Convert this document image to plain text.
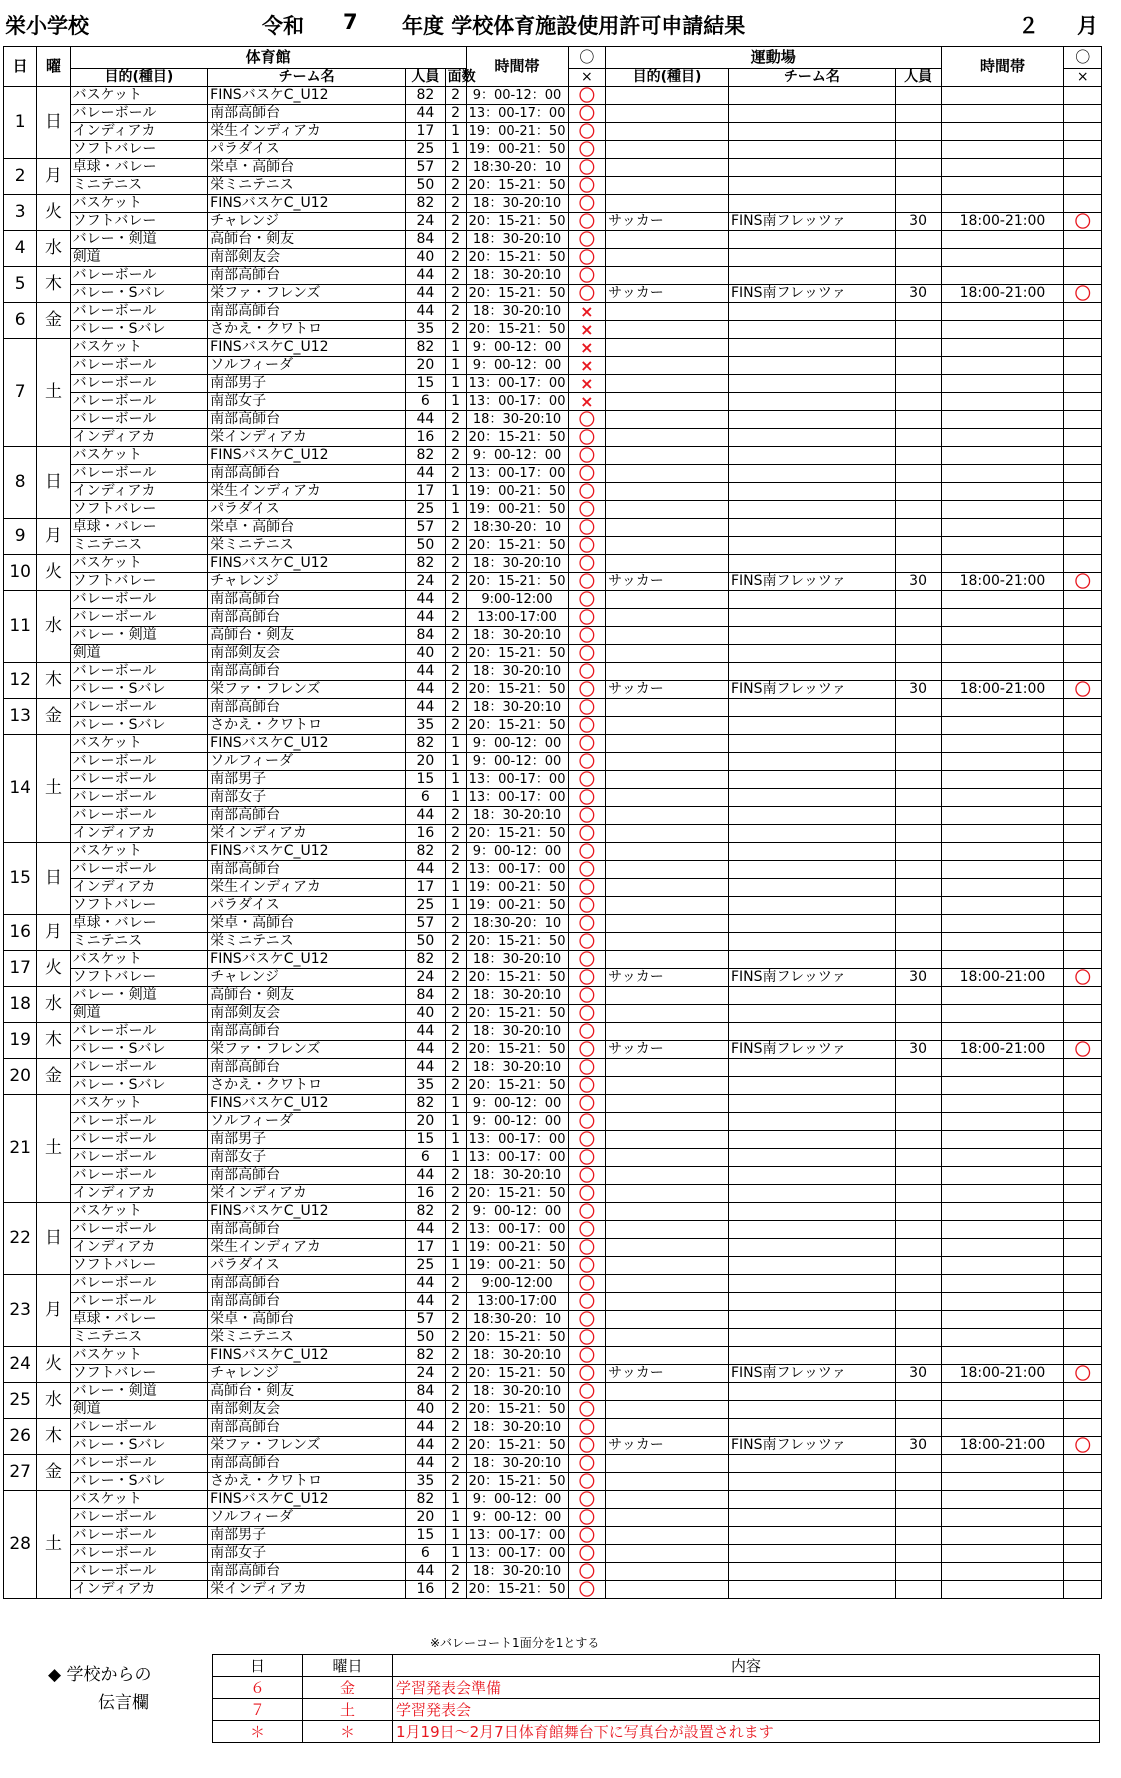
栄小学校	令和 7 年度 学校体育施設使用許可申請結果	２ 月
日	曜	体育館				時間帯	〇	運動場			時間帯	〇
		目的(種目)	チーム名	人員	面数		×	目的(種目)	チーム名	人員		×
1	日	バスケット	FINSバスケC_U12	82	2	9：00-12：00	〇					
		バレーボール	南部高師台	44	2	13：00-17：00	〇					
		インディアカ	栄生インディアカ	17	1	19：00-21：50	〇					
		ソフトバレー	パラダイス	25	1	19：00-21：50	〇					
2	月	卓球・バレー	栄卓・高師台	57	2	18:30-20：10	〇					
		ミニテニス	栄ミニテニス	50	2	20：15-21：50	〇					
3	火	バスケット	FINSバスケC_U12	82	2	18：30-20:10	〇					
		ソフトバレー	チャレンジ	24	2	20：15-21：50	〇	サッカー	FINS南フレッツァ	30	18:00-21:00	〇
4	水	バレー・剣道	高師台・剣友	84	2	18：30-20:10	〇					
		剣道	南部剣友会	40	2	20：15-21：50	〇					
5	木	バレーボール	南部高師台	44	2	18：30-20:10	〇					
		バレー・Sバレ	栄ファ・フレンズ	44	2	20：15-21：50	〇	サッカー	FINS南フレッツァ	30	18:00-21:00	〇
6	金	バレーボール	南部高師台	44	2	18：30-20:10	×					
		バレー・Sバレ	さかえ・クワトロ	35	2	20：15-21：50	×					
7	土	バスケット	FINSバスケC_U12	82	1	9：00-12：00	×					
		バレーボール	ソルフィーダ	20	1	9：00-12：00	×					
		バレーボール	南部男子	15	1	13：00-17：00	×					
		バレーボール	南部女子	6	1	13：00-17：00	×					
		バレーボール	南部高師台	44	2	18：30-20:10	〇					
		インディアカ	栄インディアカ	16	2	20：15-21：50	〇					
8	日	バスケット	FINSバスケC_U12	82	2	9：00-12：00	〇					
		バレーボール	南部高師台	44	2	13：00-17：00	〇					
		インディアカ	栄生インディアカ	17	1	19：00-21：50	〇					
		ソフトバレー	パラダイス	25	1	19：00-21：50	〇					
9	月	卓球・バレー	栄卓・高師台	57	2	18:30-20：10	〇					
		ミニテニス	栄ミニテニス	50	2	20：15-21：50	〇					
10	火	バスケット	FINSバスケC_U12	82	2	18：30-20:10	〇					
		ソフトバレー	チャレンジ	24	2	20：15-21：50	〇	サッカー	FINS南フレッツァ	30	18:00-21:00	〇
11	水	バレーボール	南部高師台	44	2	9:00-12:00	〇					
		バレーボール	南部高師台	44	2	13:00-17:00	〇					
		バレー・剣道	高師台・剣友	84	2	18：30-20:10	〇					
		剣道	南部剣友会	40	2	20：15-21：50	〇					
12	木	バレーボール	南部高師台	44	2	18：30-20:10	〇					
		バレー・Sバレ	栄ファ・フレンズ	44	2	20：15-21：50	〇	サッカー	FINS南フレッツァ	30	18:00-21:00	〇
13	金	バレーボール	南部高師台	44	2	18：30-20:10	〇					
		バレー・Sバレ	さかえ・クワトロ	35	2	20：15-21：50	〇					
14	土	バスケット	FINSバスケC_U12	82	1	9：00-12：00	〇					
		バレーボール	ソルフィーダ	20	1	9：00-12：00	〇					
		バレーボール	南部男子	15	1	13：00-17：00	〇					
		バレーボール	南部女子	6	1	13：00-17：00	〇					
		バレーボール	南部高師台	44	2	18：30-20:10	〇					
		インディアカ	栄インディアカ	16	2	20：15-21：50	〇					
15	日	バスケット	FINSバスケC_U12	82	2	9：00-12：00	〇					
		バレーボール	南部高師台	44	2	13：00-17：00	〇					
		インディアカ	栄生インディアカ	17	1	19：00-21：50	〇					
		ソフトバレー	パラダイス	25	1	19：00-21：50	〇					
16	月	卓球・バレー	栄卓・高師台	57	2	18:30-20：10	〇					
		ミニテニス	栄ミニテニス	50	2	20：15-21：50	〇					
17	火	バスケット	FINSバスケC_U12	82	2	18：30-20:10	〇					
		ソフトバレー	チャレンジ	24	2	20：15-21：50	〇	サッカー	FINS南フレッツァ	30	18:00-21:00	〇
18	水	バレー・剣道	高師台・剣友	84	2	18：30-20:10	〇					
		剣道	南部剣友会	40	2	20：15-21：50	〇					
19	木	バレーボール	南部高師台	44	2	18：30-20:10	〇					
		バレー・Sバレ	栄ファ・フレンズ	44	2	20：15-21：50	〇	サッカー	FINS南フレッツァ	30	18:00-21:00	〇
20	金	バレーボール	南部高師台	44	2	18：30-20:10	〇					
		バレー・Sバレ	さかえ・クワトロ	35	2	20：15-21：50	〇					
21	土	バスケット	FINSバスケC_U12	82	1	9：00-12：00	〇					
		バレーボール	ソルフィーダ	20	1	9：00-12：00	〇					
		バレーボール	南部男子	15	1	13：00-17：00	〇					
		バレーボール	南部女子	6	1	13：00-17：00	〇					
		バレーボール	南部高師台	44	2	18：30-20:10	〇					
		インディアカ	栄インディアカ	16	2	20：15-21：50	〇					
22	日	バスケット	FINSバスケC_U12	82	2	9：00-12：00	〇					
		バレーボール	南部高師台	44	2	13：00-17：00	〇					
		インディアカ	栄生インディアカ	17	1	19：00-21：50	〇					
		ソフトバレー	パラダイス	25	1	19：00-21：50	〇					
23	月	バレーボール	南部高師台	44	2	9:00-12:00	〇					
		バレーボール	南部高師台	44	2	13:00-17:00	〇					
		卓球・バレー	栄卓・高師台	57	2	18:30-20：10	〇					
		ミニテニス	栄ミニテニス	50	2	20：15-21：50	〇					
24	火	バスケット	FINSバスケC_U12	82	2	18：30-20:10	〇					
		ソフトバレー	チャレンジ	24	2	20：15-21：50	〇	サッカー	FINS南フレッツァ	30	18:00-21:00	〇
25	水	バレー・剣道	高師台・剣友	84	2	18：30-20:10	〇					
		剣道	南部剣友会	40	2	20：15-21：50	〇					
26	木	バレーボール	南部高師台	44	2	18：30-20:10	〇					
		バレー・Sバレ	栄ファ・フレンズ	44	2	20：15-21：50	〇	サッカー	FINS南フレッツァ	30	18:00-21:00	〇
27	金	バレーボール	南部高師台	44	2	18：30-20:10	〇					
		バレー・Sバレ	さかえ・クワトロ	35	2	20：15-21：50	〇					
28	土	バスケット	FINSバスケC_U12	82	1	9：00-12：00	〇					
		バレーボール	ソルフィーダ	20	1	9：00-12：00	〇					
		バレーボール	南部男子	15	1	13：00-17：00	〇					
		バレーボール	南部女子	6	1	13：00-17：00	〇					
		バレーボール	南部高師台	44	2	18：30-20:10	〇					
		インディアカ	栄インディアカ	16	2	20：15-21：50	〇					
※バレーコート1面分を1とする
◆ 学校からの
伝言欄
日	曜日	内容
６	金	学習発表会準備
７	土	学習発表会
＊	＊	1月19日～2月7日体育館舞台下に写真台が設置されます
